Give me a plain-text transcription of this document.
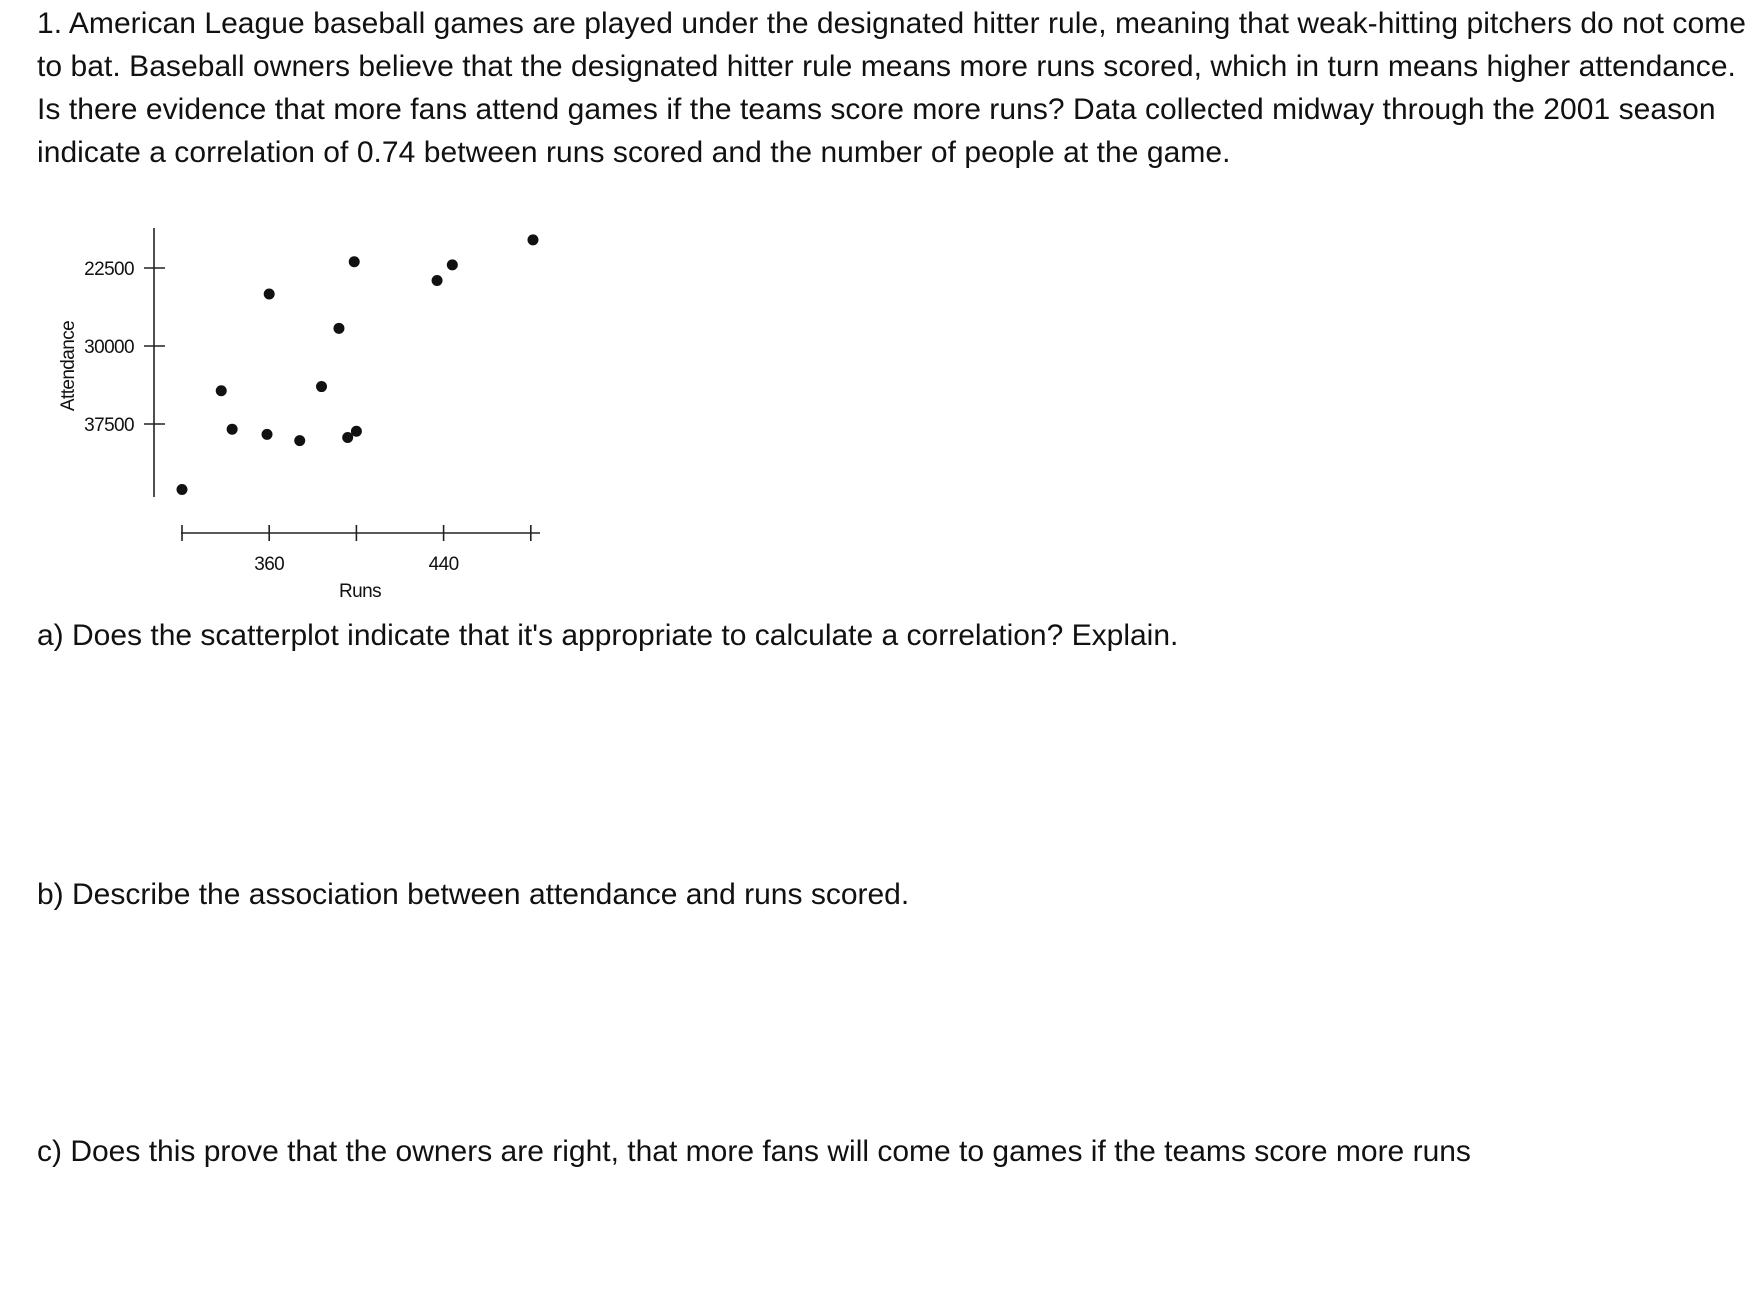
1. American League baseball games are played under the designated hitter rule, meaning that weak-hitting pitchers do not come to bat. Baseball owners believe that the designated hitter rule means more runs scored, which in turn means higher attendance. Is there evidence that more fans attend games if the teams score more runs? Data collected midway through the 2001 season indicate a correlation of 0.74 between runs scored and the number of people at the game.

37500
30000
22500
360	440
Attendance
Runs

a) Does the scatterplot indicate that it's appropriate to calculate a correlation? Explain.

b) Describe the association between attendance and runs scored.

c) Does this prove that the owners are right, that more fans will come to games if the teams score more runs
